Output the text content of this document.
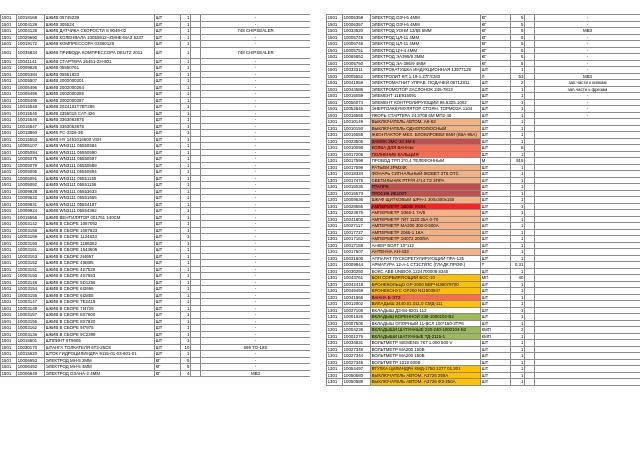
1501	10018168	ШКИВ 05745239	ШТ	1		-
1501	10004128	ШКИВ 305524	ШТ	1		-
1501	10004128	ШКИВ ДАТЧИКА СКОРОСТИ S 9049-02	ШТ	1		748 CHIPSEALER
1501	10029690	ШКИВ КОЛЕНВАЛА 10055912+ZMHE-МАЗ 5337	ШТ	1		-
1501	10019172	ШКИВ КОМПРЕССОРА 03360128	ШТ	1		-
1501	10035834	ШКИВ ПРИВОДА КОМПРЕССОРА DEUTZ 2011	ШТ	1		748 CHIPSEALER
1501	10041141	ШКИВ СТАРТЕРА 26451-ZH-801	ШТ	1		-
1501	10009626	ШКИВ 05550761	ШТ	1		-
1501	10005384	ШКИВ 05551633	ШТ	1		-
1501	10005507	ШКИВ 2002000201	ШТ	1		-
1501	10005496	ШКИВ 2002000264	ШТ	1		-
1501	10005496	ШКИВ 2002000285	ШТ	1		-
1501	10005495	ШКИВ 2002000287	ШТ	1		-
1501	10015548	ШКИВ 2024101T7BT286	ШТ	1		-
1501	10015545	ШКИВ 2356019 CAT-426	ШТ	1		-
1501	10015546	ШКИВ 3363063875	ШТ	1		-
1501	10015547	ШКИВ 3363063878	ШТ	1		-
1501	10018860	ШКИВ FC-3326-3E	ШТ	1		-
1501	10015553	ШКИВ HY 1451016600 VSH	ШТ	1		-
1501	10005107	ШКИВ WN3111 05550584	ШТ	1		-
1501	10005094	ШКИВ WN3111 05550590	ШТ	1		-
1501	10005075	ШКИВ WN3111 05550597	ШТ	1		-
1501	10005079	ШКИВ WN3111 05550588	ШТ	1		-
1501	10005095	ШКИВ WN3111 05550594	ШТ	1		-
1501	10005091	ШКИВ WN3111 05551155	ШТ	1		-
1501	10005092	ШКИВ WN3111 05551156	ШТ	1		-
1501	10009928	ШКИВ WN3111 05553633	ШТ	1		-
1501	10009632	ШКИВ WN3111 05551655	ШТ	1		-
1501	10009631	ШКИВ WN3111 05554187	ШТ	1		-
1501	10009924	ШКИВ WN3111 05554392	ШТ	1		-
1501	10015555	ШКИВ ВЕНТИЛЯТОР 001751 140СМ	ШТ	1		-
1501	10003142	ШКИВ В СБОРЕ 1087092	ШТ	1		-
1501	10003158	ШКИВ В СБОРЕ 1087823	ШТ	1		-
1501	10003159	ШКИВ В СБОРЕ 1124634	ШТ	1		-
1501	10003160	ШКИВ В СБОРЕ 1186062	ШТ	1		-
1501	10003161	ШКИВ В СБОРЕ 1543605	ШТ	1		-
1501	10003163	ШКИВ В СБОРЕ 3I4657	ШТ	1		-
1501	10003152	ШКИВ В СБОРЕ 4I6885	ШТ	1		-
1501	10003151	ШКИВ В СБОРЕ 4S7529	ШТ	1		-
1501	10003150	ШКИВ В СБОРЕ 4S7553	ШТ	1		-
1501	10003148	ШКИВ В СБОРЕ 5D1256	ШТ	1		-
1501	10003154	ШКИВ В СБОРЕ 6I2696	ШТ	1		-
1501	10003155	ШКИВ В СБОРЕ 6I2855	ШТ	1		-
1501	10003147	ШКИВ В СБОРЕ 7E2419	ШТ	1		-
1501	10003149	ШКИВ В СБОРЕ 7I4729	ШТ	1		-
1501	10003157	ШКИВ В СБОРЕ 8X7600	ШТ	1		-
1501	10003156	ШКИВ В СБОРЕ 8X7820	ШТ	1		-
1501	10003162	ШКИВ В СБОРЕ 9I7975	ШТ	1		-
1501	10003136	ШКИВ В СБОРЕ 9C2399	ШТ	1		-
1501	10015601	ШПЛИНТ 6T9605	ШТ	1		-
1501	10030170	ШТАНГА ТОЛКАТЕЛЯ 6T2-25C8	ШТ	10		699 TO-18S
1501	10015620	ШТОК ГИДРОЦИЛИНДРА 9115-01-03-601-01	ШТ	1		-
1501	10006653	ЭЛЕКТРОД МН-5 2ММ	КГ	5		-
1501	10006492	ЭЛЕКТРОД МН-5 4ММ	КГ	5		-
1501	10006649	ЭЛЕКТРОД ОЗАНА-2 4ММ	КГ	4		МВЗ
1501	10006358	ЭЛЕКТРОД ОЗЧ-6 4ММ	КГ	5		-
1501	10006357	ЭЛЕКТРОД ОЗЧ-6 4ММ	КГ	5		-
1501	10033520	ЭЛЕКТРОД УОНИ 13/55 5ММ	КГ	5		МВЗ
1501	10005745	ЭЛЕКТРОД ЦЛ-11 4ММ	КГ	5		-
1501	10005746	ЭЛЕКТРОД ЦЛ-11 4ММ	КГ	5		-
1501	10005751	ЭЛЕКТРОД ЦЧ-4 4ММ	КГ	5		-
1501	10065852	ЭЛЕКТРОД ЭА395/9 3ММ	КГ	5		-
1501	10005760	ЭЛЕКТРОД ЭА-395/9 4ММ	КГ	5		-
1501	10033311	ЭЛЕКТРОКАТУШКА ИНДУКЦИОННАЯ 13977129	ШТ	1		-
1501	10005552	ЭЛЕКТРОЛИТ КП 1.19-1.27Г/СМ3	Л	53		МВЗ
1501	10041958	ЭЛЕКТРОМАГНИТ УПРАВ. ПОДАЧЕЙ 05712811	ШТ	2		зап.части к кипкам
1501	10044586	ЭЛЕКТРОМОТОР ЗАСЛОНОК 245-7813	ШТ	1		зап.части к фрезам
1501	10016059	ЭЛЕМЕНТ 11E915091	ШТ	1		-
1501	10056074	ЭЛЕМЕНТ КОНТРОЛИРУЮЩИЙ 96.5325.1002	ШТ	1		-
1501	10052545	ЭНЕРГОАККУМУЛЯТОР СТОЯН. ТОРМОЗА 1104	ШТ	1		-
1501	10016565	ЯКОРЬ СТАРТЕРА 24.3708 6М МП2-40	ШТ	1		-
1301	10010149	ВЫКЛЮЧАТЕЛЬ АВТОМ. АК-63	ШТ	1		
1301	10010150	ВЫКЛЮЧАТЕЛЬ ОДНОПОЛЮСНЫЙ	ШТ	1		
1301	10016555	ЖКОНТАКТОР МЕХ. БЛОКИРОВКИ КМИ (КВА-95А)	ШТ	1		
1301	10023505	ЗАМОК ЗМС-10 4М-5	ШТ	1		
1301	10010098	КОЛБА ДЛЯ ВАННЫ	ШТ	6		
1301	10017205	ПОЛНЕНИЕ КАЛЬЦИЯ	ШТ	1		
1301	10017598	ПРОВОД ТРП 2*0,4 ТЕЛЕФОННЫЙ	М	915		
1301	10017599	РАТЬЕМ 2РМ24К	ШТ	1		
1301	10018334	ФОНАРЬ СИГНАЛЬНЫЙ ЖОВЕТ 2Т6 ОТС	ШТ	1		
1301	10017476	СВЕТИЛЬНИК РТР/Я 4*14 ТЗ ЗПРА	ШТ	1		
1301	10015035	ТРАПРЕ	ШТ	1		
1301	10015573	ТРОСИК ИЕ100Т	ШТ	1		
1301	10009636	ШКАФ ЩИТКОВЫЙ ШРН-1 300х300х150	ШТ	1		
1301	10028656	АМПЕРМЕТР Э8030 УХЛ4	ШТ	1		
1301	10023875	АМПЕРМЕТР Э365-1 7А/6	ШТ	1		
1301	10041800	АМПЕРМЕТР 7Й7 1120 25А 0-70	ШТ	1		
1301	10027117	АМПЕРМЕТР МА200 300-0-500А	ШТ	1		
1301	10017727	АМПЕРМЕТР 2065-1 1КА	ШТ	1		
1301	10017162	АМПЕРМЕТР Э4072 200/5А	ШТ	1		
1301	10017158	АНКЕР БОЛТ 10*112	ШТ	1		
1301	10017507	АНТЕННА АН-433	ШТ	1		
1301	10031600	АППАРАТ ПУСКОРЕГУЛИРУЮЩИЙ ПРА-125	ШТ	1		
1301	10009844	АРМАТУРА 12-А-1 СТ3СП/ПС (ГЛАДК.ПРОФ.)	Т	0,31		
1301	10030250	БОКС АВВ UNIBOX 1224700008 8340	ШТ	1		
1301	10043761	БОН СОРБИРУЮЩИЙ БСС-10	МП	40		
1301	10042418	БРОНЕКОЛЬЦО GP-3000 ВВРЧ439079700	ШТ	1		
1301	10049459	БРОНЕКОНУС GP200 N11903947	ШТ	1		
1301	10041966	ВАННА Б-ЭТЗ	ШТ	1		
1301	10012002	ВИЛАДЫШ 3440.01.011.0 СМД-111	ШТ	1		
1301	10027106	ВКЛАДЫШ ДЗ-84-8201 112	ШТ	1		
1301	10001926	ВКЛАДЫШ КОРЕННОЙ 238-1000102-В2	ШТ	1		
1301	10007506	ВКЛАДЫШ ОПОРНЫЙ 11-ВСЛ 100*150-3ТР6	ШТ	1		
1301	10004236	ВКЛАДЫШИ ШАТУННЫЕ 240-240-1000104-Б2	КМП	2		
1301	10001276	ВКЛАДЫШИ ШАТУННЫЕ ТД-2115-1	КМП	1		
1301	10034831	ВОЛЬТМЕТР SIEMENS 7К7 1.000 500 V	ШТ	1		
1301	10027346	ВОЛЬТМЕТР МА200 150В	ШТ	1		
1301	10027344	ВОЛЬТМЕТР МА200 150В	ШТ	1		
1301	10027345	ВОЛЬТМЕТР 1018 600В	ШТ	1		
1301	10054497	ВТУЛКА ЦИЛИНДРА КМД-1750 1277 01.201	ШТ	1		
1301	10050580	ВЫКЛЮЧАТЕЛЬ АВТОМ. АЗ726 250А	ШТ	1		
1301	10050589	ВЫКЛЮЧАТЕЛЬ АВТОМ. АЗ726 ФЗ-250А	ШТ	1		
